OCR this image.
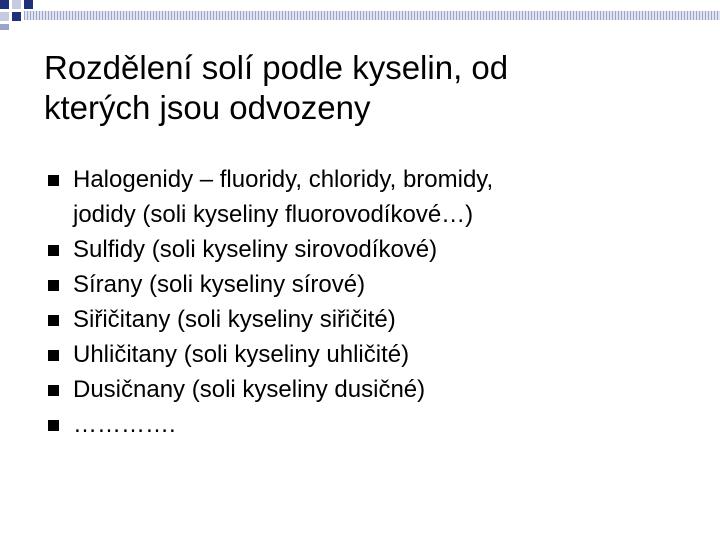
Rozdělení solí podle kyselin, od
kterých jsou odvozeny
Halogenidy – fluoridy, chloridy, bromidy,
jodidy (soli kyseliny fluorovodíkové…)
Sulfidy (soli kyseliny sirovodíkové)
Sírany (soli kyseliny sírové)
Siřičitany (soli kyseliny siřičité)
Uhličitany (soli kyseliny uhličité)
Dusičnany (soli kyseliny dusičné)
………….
